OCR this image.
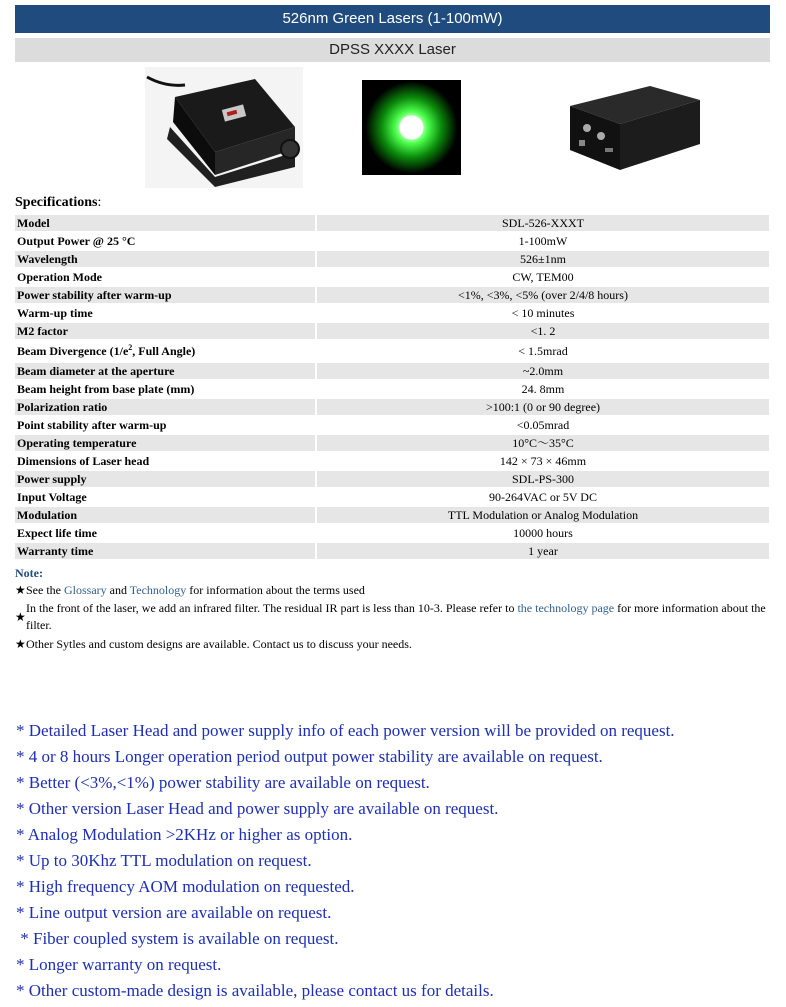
526nm Green Lasers (1-100mW)
DPSS XXXX Laser
Specifications:
Model	SDL-526-XXXT
Output Power @ 25 °C	1-100mW
Wavelength	526±1nm
Operation Mode	CW, TEM00
Power stability after warm-up	<1%, <3%, <5% (over 2/4/8 hours)
Warm-up time	< 10 minutes
M2 factor	<1. 2
Beam Divergence ($1/e^2$, Full Angle)	< 1.5mrad
Beam diameter at the aperture	~2.0mm
Beam height from base plate (mm)	24. 8mm
Polarization ratio	>100:1 (0 or 90 degree)
Point stability after warm-up	<0.05mrad
Operating temperature	10°C～35°C
Dimensions of Laser head	142 × 73 × 46mm
Power supply	SDL-PS-300
Input Voltage	90-264VAC or 5V DC
Modulation	TTL Modulation or Analog Modulation
Expect life time	10000 hours
Warranty time	1 year
Note:
★ See the Glossary and Technology for information about the terms used
★
In the front of the laser, we add an infrared filter. The residual IR part is less than 10-3. Please refer to the technology page for more information about the filter.
★ Other Sytles and custom designs are available. Contact us to discuss your needs.
* Detailed Laser Head and power supply info of each power version will be provided on request.
* 4 or 8 hours Longer operation period output power stability are available on request.
* Better (<3%,<1%) power stability are available on request.
* Other version Laser Head and power supply are available on request.
* Analog Modulation >2KHz or higher as option.
* Up to 30Khz TTL modulation on request.
* High frequency AOM modulation on requested.
* Line output version are available on request.
* Fiber coupled system is available on request.
* Longer warranty on request.
* Other custom-made design is available, please contact us for details.
